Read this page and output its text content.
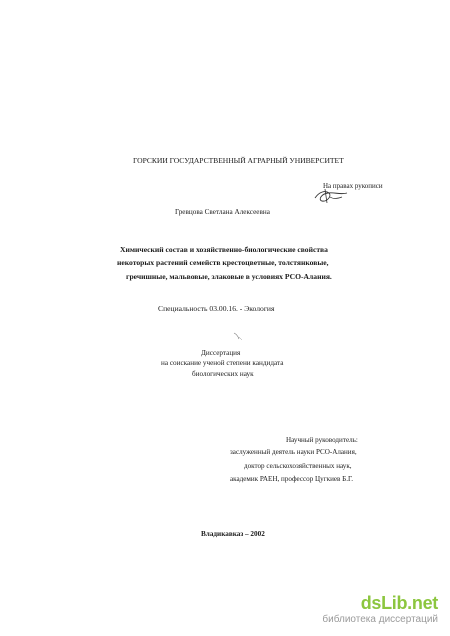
ГОРСКИИ ГОСУДАРСТВЕННЫЙ АГРАРНЫЙ УНИВЕРСИТЕТ

На правах рукописи

Гревцова Светлана Алексеевна

Химический состав и хозяйственно-биологические свойства

некоторых растений семейств крестоцветные, толстянковые,

гречишные, мальвовые, злаковые в условиях РСО-Алания.

Специальность 03.00.16. - Экология

Диссертация

на соискание ученой степени кандидата

биологических наук

Научный руководитель:

заслуженный деятель науки РСО-Алания,

доктор сельскохозяйственных наук,

академик РАЕН, профессор Цугкиев Б.Г.

Владикавказ – 2002

dsLib.net
библиотека диссертаций
